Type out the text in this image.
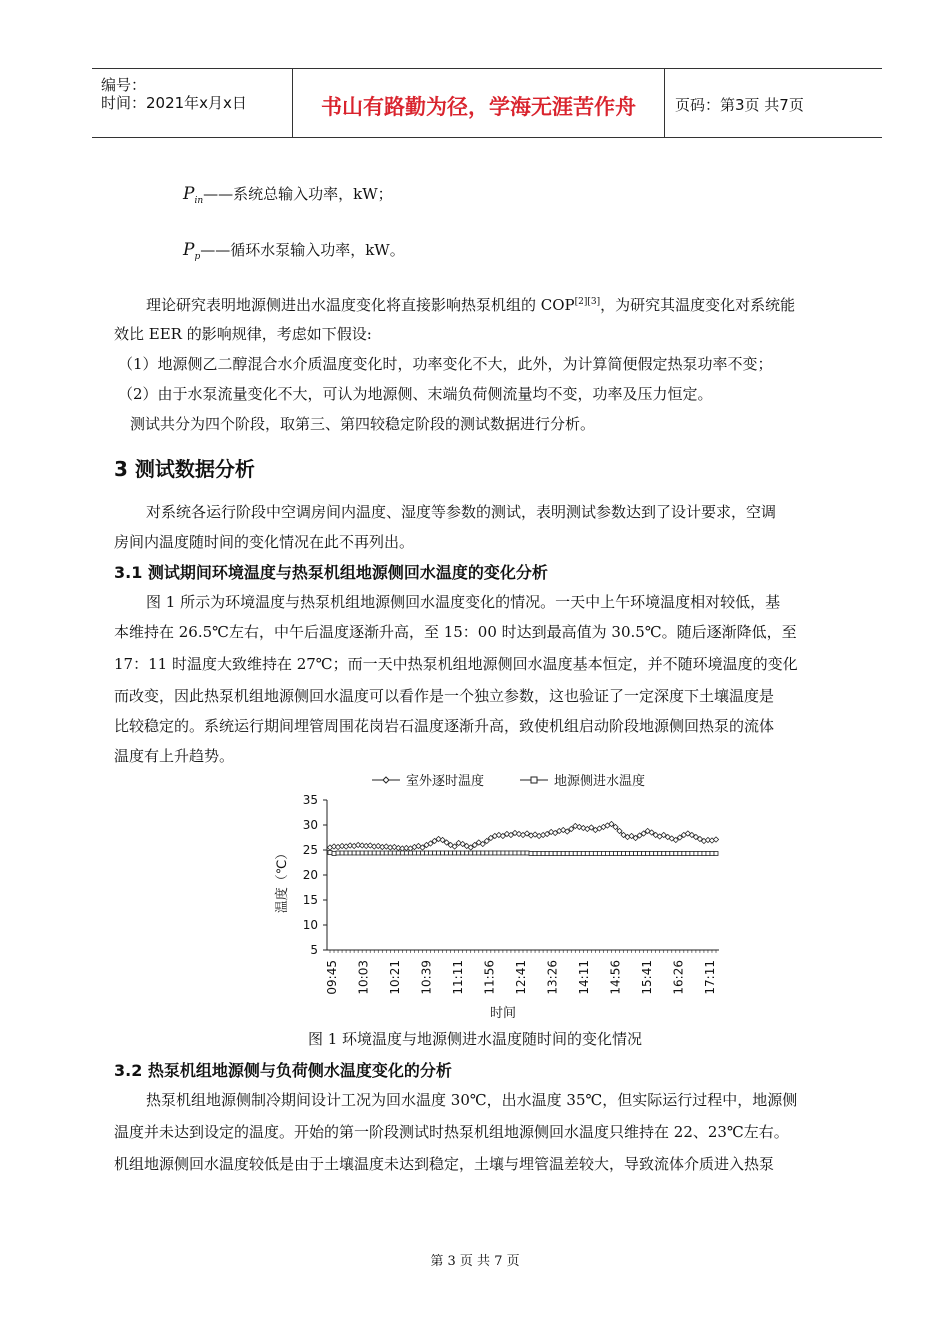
编号：
时间：2021年x月x日	书山有路勤为径，学海无涯苦作舟	页码：第3页 共7页
$P_{in}——$系统总输入功率，kW；
$P_p——$循环水泵输入功率，kW。
理论研究表明地源侧进出水温度变化将直接影响热泵机组的 COP[2][3]，为研究其温度变化对系统能
效比 EER 的影响规律，考虑如下假设:
（1）地源侧乙二醇混合水介质温度变化时，功率变化不大，此外，为计算简便假定热泵功率不变；
（2）由于水泵流量变化不大，可认为地源侧、末端负荷侧流量均不变，功率及压力恒定。
测试共分为四个阶段，取第三、第四较稳定阶段的测试数据进行分析。
3 测试数据分析
对系统各运行阶段中空调房间内温度、湿度等参数的测试，表明测试参数达到了设计要求，空调
房间内温度随时间的变化情况在此不再列出。
3.1 测试期间环境温度与热泵机组地源侧回水温度的变化分析
图 1 所示为环境温度与热泵机组地源侧回水温度变化的情况。一天中上午环境温度相对较低，基
本维持在 26.5℃左右，中午后温度逐渐升高，至 15：00 时达到最高值为 30.5℃。随后逐渐降低，至
17：11 时温度大致维持在 27℃；而一天中热泵机组地源侧回水温度基本恒定，并不随环境温度的变化
而改变，因此热泵机组地源侧回水温度可以看作是一个独立参数，这也验证了一定深度下土壤温度是
比较稳定的。系统运行期间埋管周围花岗岩石温度逐渐升高，致使机组启动阶段地源侧回热泵的流体
温度有上升趋势。
室外逐时温度	地源侧进水温度
5
10
15
20
25
30
35
09:45 10:03 10:21 10:39 11:11 11:56 12:41 13:26 14:11 14:56 15:41 16:26 17:11
时间
温度（℃）
图 1 环境温度与地源侧进水温度随时间的变化情况
3.2 热泵机组地源侧与负荷侧水温度变化的分析
热泵机组地源侧制冷期间设计工况为回水温度 30℃，出水温度 35℃，但实际运行过程中，地源侧
温度并未达到设定的温度。开始的第一阶段测试时热泵机组地源侧回水温度只维持在 22、23℃左右。
机组地源侧回水温度较低是由于土壤温度未达到稳定，土壤与埋管温差较大，导致流体介质进入热泵
第 3 页 共 7 页
